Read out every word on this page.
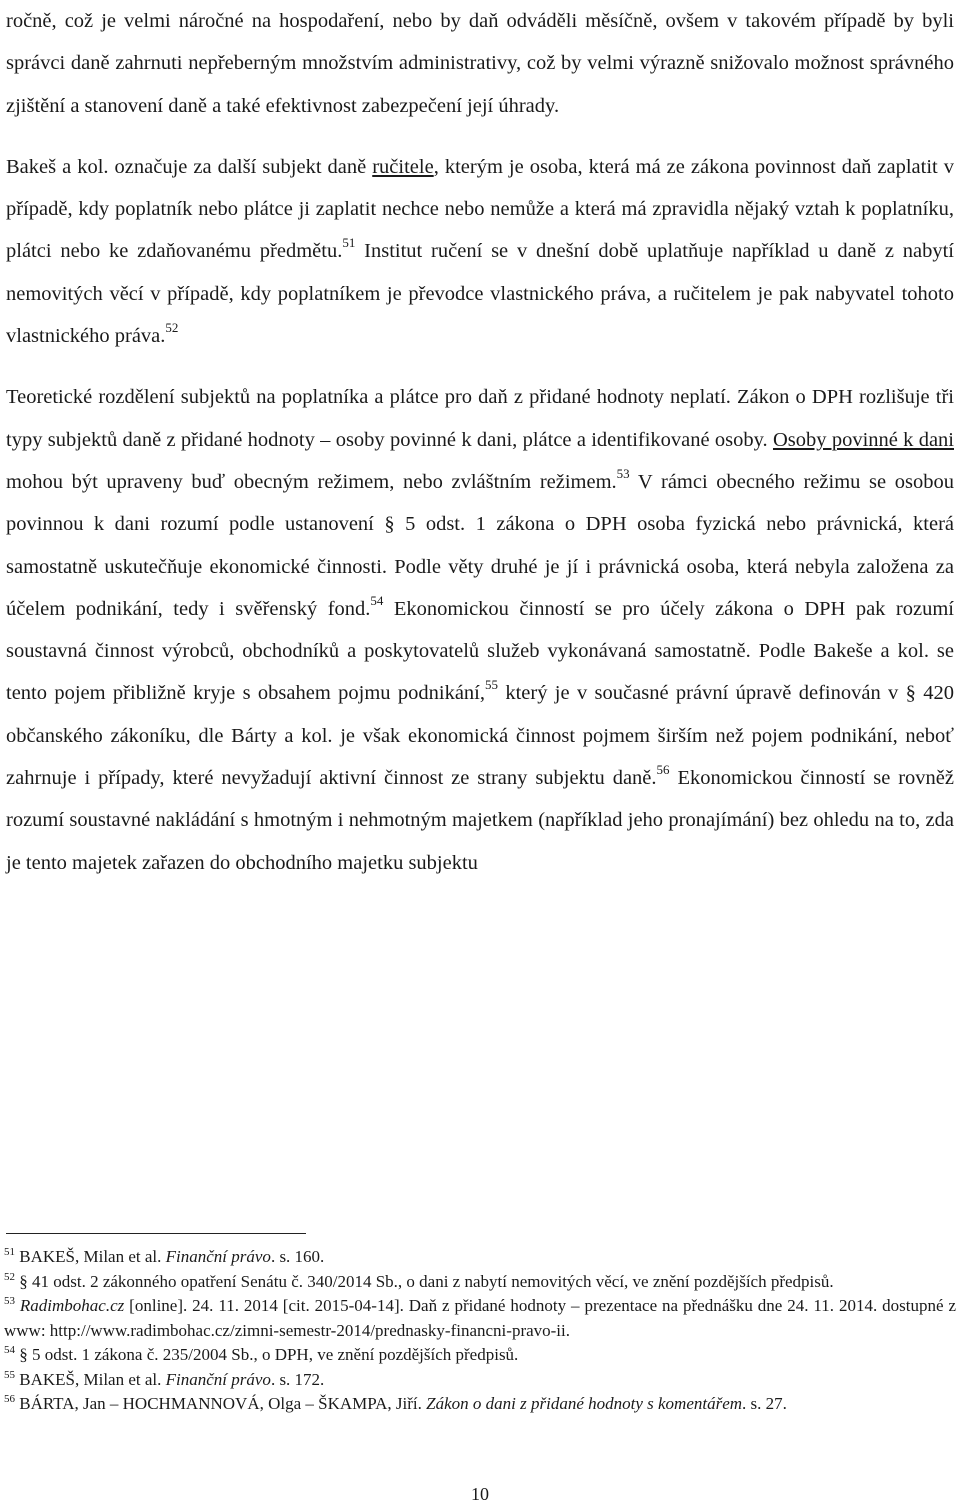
ročně, což je velmi náročné na hospodaření, nebo by daň odváděli měsíčně, ovšem v takovém případě by byli správci daně zahrnuti nepřeberným množstvím administrativy, což by velmi výrazně snižovalo možnost správného zjištění a stanovení daně a také efektivnost zabezpečení její úhrady.

Bakeš a kol. označuje za další subjekt daně ručitele, kterým je osoba, která má ze zákona povinnost daň zaplatit v případě, kdy poplatník nebo plátce ji zaplatit nechce nebo nemůže a která má zpravidla nějaký vztah k poplatníku, plátci nebo ke zdaňovanému předmětu.$^{51}$ Institut ručení se v dnešní době uplatňuje například u daně z nabytí nemovitých věcí v případě, kdy poplatníkem je převodce vlastnického práva, a ručitelem je pak nabyvatel tohoto vlastnického práva.$^{52}$

Teoretické rozdělení subjektů na poplatníka a plátce pro daň z přidané hodnoty neplatí. Zákon o DPH rozlišuje tři typy subjektů daně z přidané hodnoty – osoby povinné k dani, plátce a identifikované osoby. Osoby povinné k dani mohou být upraveny buď obecným režimem, nebo zvláštním režimem.$^{53}$ V rámci obecného režimu se osobou povinnou k dani rozumí podle ustanovení § 5 odst. 1 zákona o DPH osoba fyzická nebo právnická, která samostatně uskutečňuje ekonomické činnosti. Podle věty druhé je jí i právnická osoba, která nebyla založena za účelem podnikání, tedy i svěřenský fond.$^{54}$ Ekonomickou činností se pro účely zákona o DPH pak rozumí soustavná činnost výrobců, obchodníků a poskytovatelů služeb vykonávaná samostatně. Podle Bakeše a kol. se tento pojem přibližně kryje s obsahem pojmu podnikání,$^{55}$ který je v současné právní úpravě definován v § 420 občanského zákoníku, dle Bárty a kol. je však ekonomická činnost pojmem širším než pojem podnikání, neboť zahrnuje i případy, které nevyžadují aktivní činnost ze strany subjektu daně.$^{56}$ Ekonomickou činností se rovněž rozumí soustavné nakládání s hmotným i nehmotným majetkem (například jeho pronajímání) bez ohledu na to, zda je tento majetek zařazen do obchodního majetku subjektu

$^{51}$ BAKEŠ, Milan et al. Finanční právo. s. 160.

$^{52}$ § 41 odst. 2 zákonného opatření Senátu č. 340/2014 Sb., o dani z nabytí nemovitých věcí, ve znění pozdějších předpisů.

$^{53}$ Radimbohac.cz [online]. 24. 11. 2014 [cit. 2015-04-14]. Daň z přidané hodnoty – prezentace na přednášku dne 24. 11. 2014. dostupné z www: http://www.radimbohac.cz/zimni-semestr-2014/prednasky-financni-pravo-ii.

$^{54}$ § 5 odst. 1 zákona č. 235/2004 Sb., o DPH, ve znění pozdějších předpisů.

$^{55}$ BAKEŠ, Milan et al. Finanční právo. s. 172.

$^{56}$ BÁRTA, Jan – HOCHMANNOVÁ, Olga – ŠKAMPA, Jiří. Zákon o dani z přidané hodnoty s komentářem. s. 27.

10
